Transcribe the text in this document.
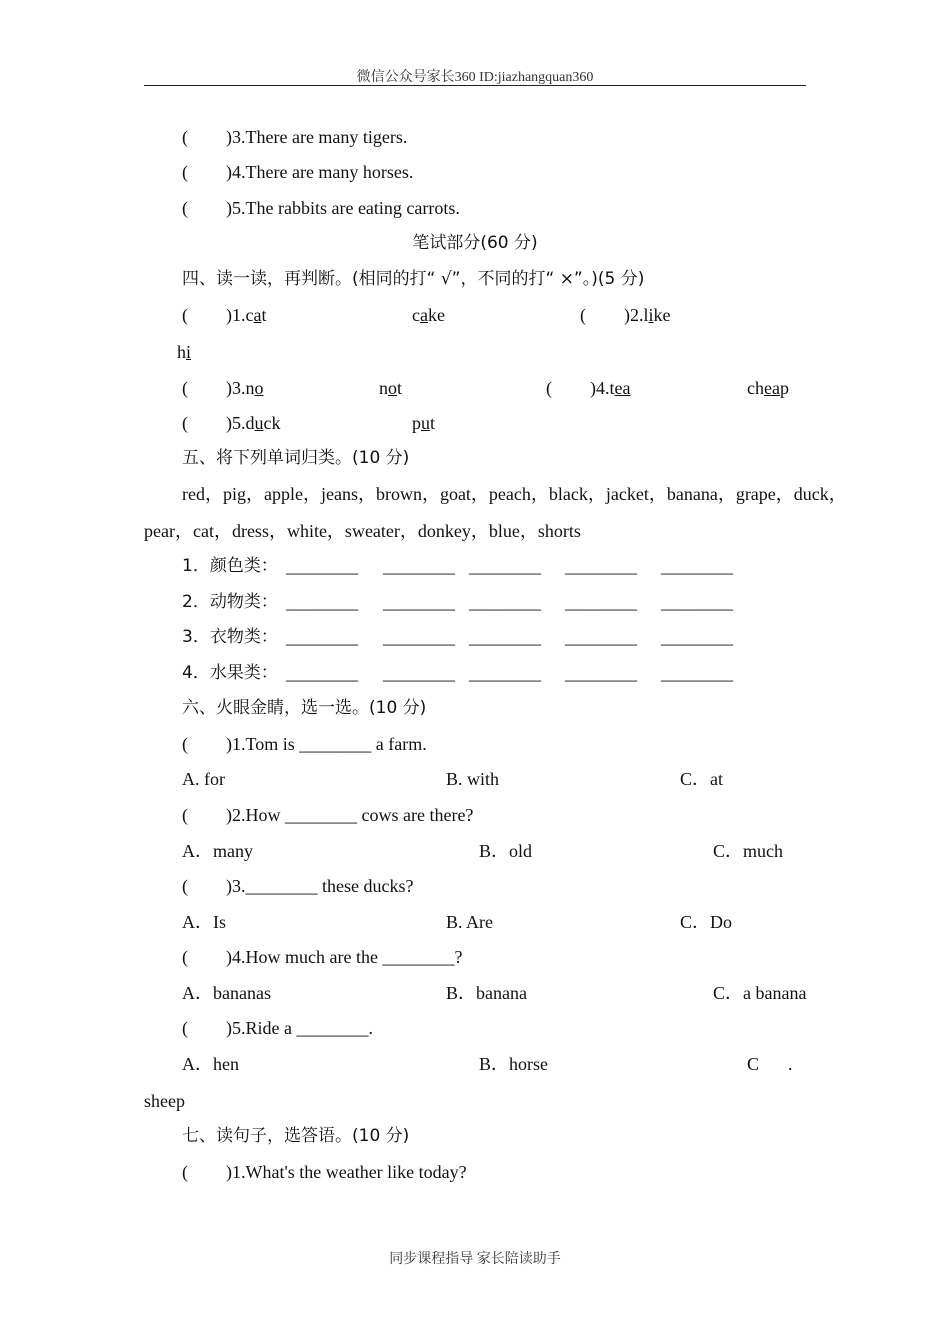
微信公众号家长360 ID:jiazhangquan360
( )3.There are many tigers.
( )4.There are many horses.
( )5.The rabbits are eating carrots.
笔试部分(60 分)
四、读一读，再判断。(相同的打“ √”，不同的打“ ×”。)(5 分)
( )1.cat	cake	( )2.like
hi
( )3.no	not	( )4.tea	cheap
( )5.duck	put
五、将下列单词归类。(10 分)
red，pig，apple，jeans，brown，goat，peach，black，jacket，banana，grape，duck，
pear，cat，dress，white，sweater，donkey，blue，shorts
1．颜色类： ________ ________ ________ ________ ________
2．动物类： ________ ________ ________ ________ ________
3．衣物类： ________ ________ ________ ________ ________
4．水果类： ________ ________ ________ ________ ________
六、火眼金睛，选一选。(10 分)
( )1.Tom is ________ a farm.
A. for	B. with	C．at
( )2.How ________ cows are there?
A．many	B．old	C．much
( )3.________ these ducks?
A．Is	B. Are	C．Do
( )4.How much are the ________?
A．bananas	B．banana	C．a banana
( )5.Ride a ________.
A．hen	B．horse	C .
sheep
七、读句子，选答语。(10 分)
( )1.What's the weather like today?
同步课程指导 家长陪读助手
